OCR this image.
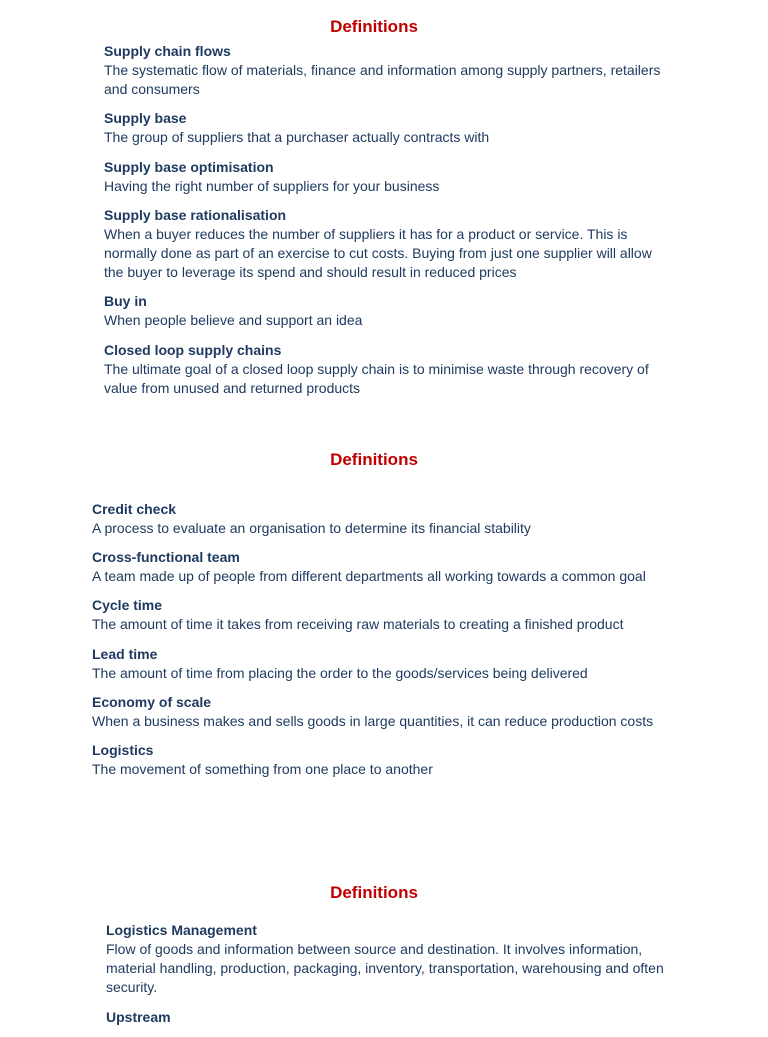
Definitions
Supply chain flows
The systematic flow of materials, finance and information among supply partners, retailers and consumers
Supply base
The group of suppliers that a purchaser actually contracts with
Supply base optimisation
Having the right number of suppliers for your business
Supply base rationalisation
When a buyer reduces the number of suppliers it has for a product or service. This is normally done as part of an exercise to cut costs. Buying from just one supplier will allow the buyer to leverage its spend and should result in reduced prices
Buy in
When people believe and support an idea
Closed loop supply chains
The ultimate goal of a closed loop supply chain is to minimise waste through recovery of value from unused and returned products
Definitions
Credit check
A process to evaluate an organisation to determine its financial stability
Cross-functional team
A team made up of people from different departments all working towards a common goal
Cycle time
The amount of time it takes from receiving raw materials to creating a finished product
Lead time
The amount of time from placing the order to the goods/services being delivered
Economy of scale
When a business makes and sells goods in large quantities, it can reduce production costs
Logistics
The movement of something from one place to another
Definitions
Logistics Management
Flow of goods and information between source and destination. It involves information, material handling, production, packaging, inventory, transportation, warehousing and often security.
Upstream
